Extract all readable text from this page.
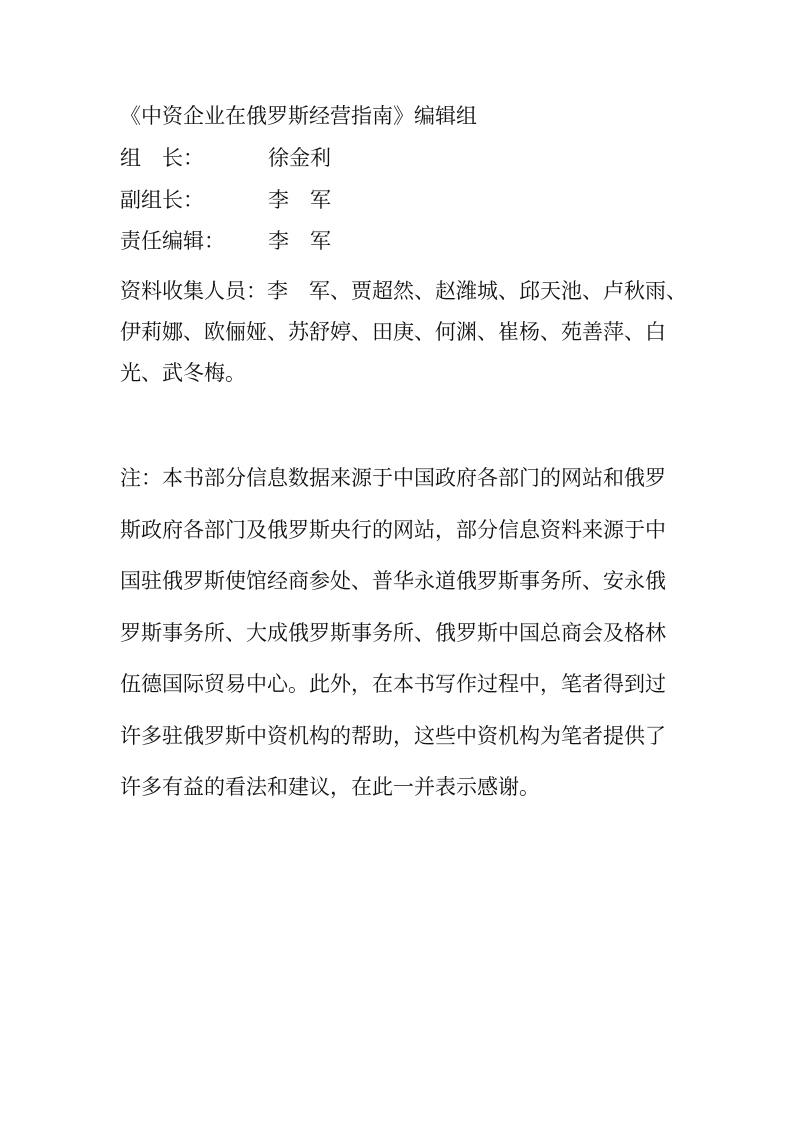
《中资企业在俄罗斯经营指南》编辑组
组　长：	徐金利
副组长：	李　军
责任编辑： 李　军
资料收集人员：李　军、贾超然、赵潍城、邱天池、卢秋雨、
伊莉娜、欧俪娅、苏舒婷、田庚、何渊、崔杨、苑善萍、白
光、武冬梅。
注：本书部分信息数据来源于中国政府各部门的网站和俄罗
斯政府各部门及俄罗斯央行的网站，部分信息资料来源于中
国驻俄罗斯使馆经商参处、普华永道俄罗斯事务所、安永俄
罗斯事务所、大成俄罗斯事务所、俄罗斯中国总商会及格林
伍德国际贸易中心。此外，在本书写作过程中，笔者得到过
许多驻俄罗斯中资机构的帮助，这些中资机构为笔者提供了
许多有益的看法和建议，在此一并表示感谢。
